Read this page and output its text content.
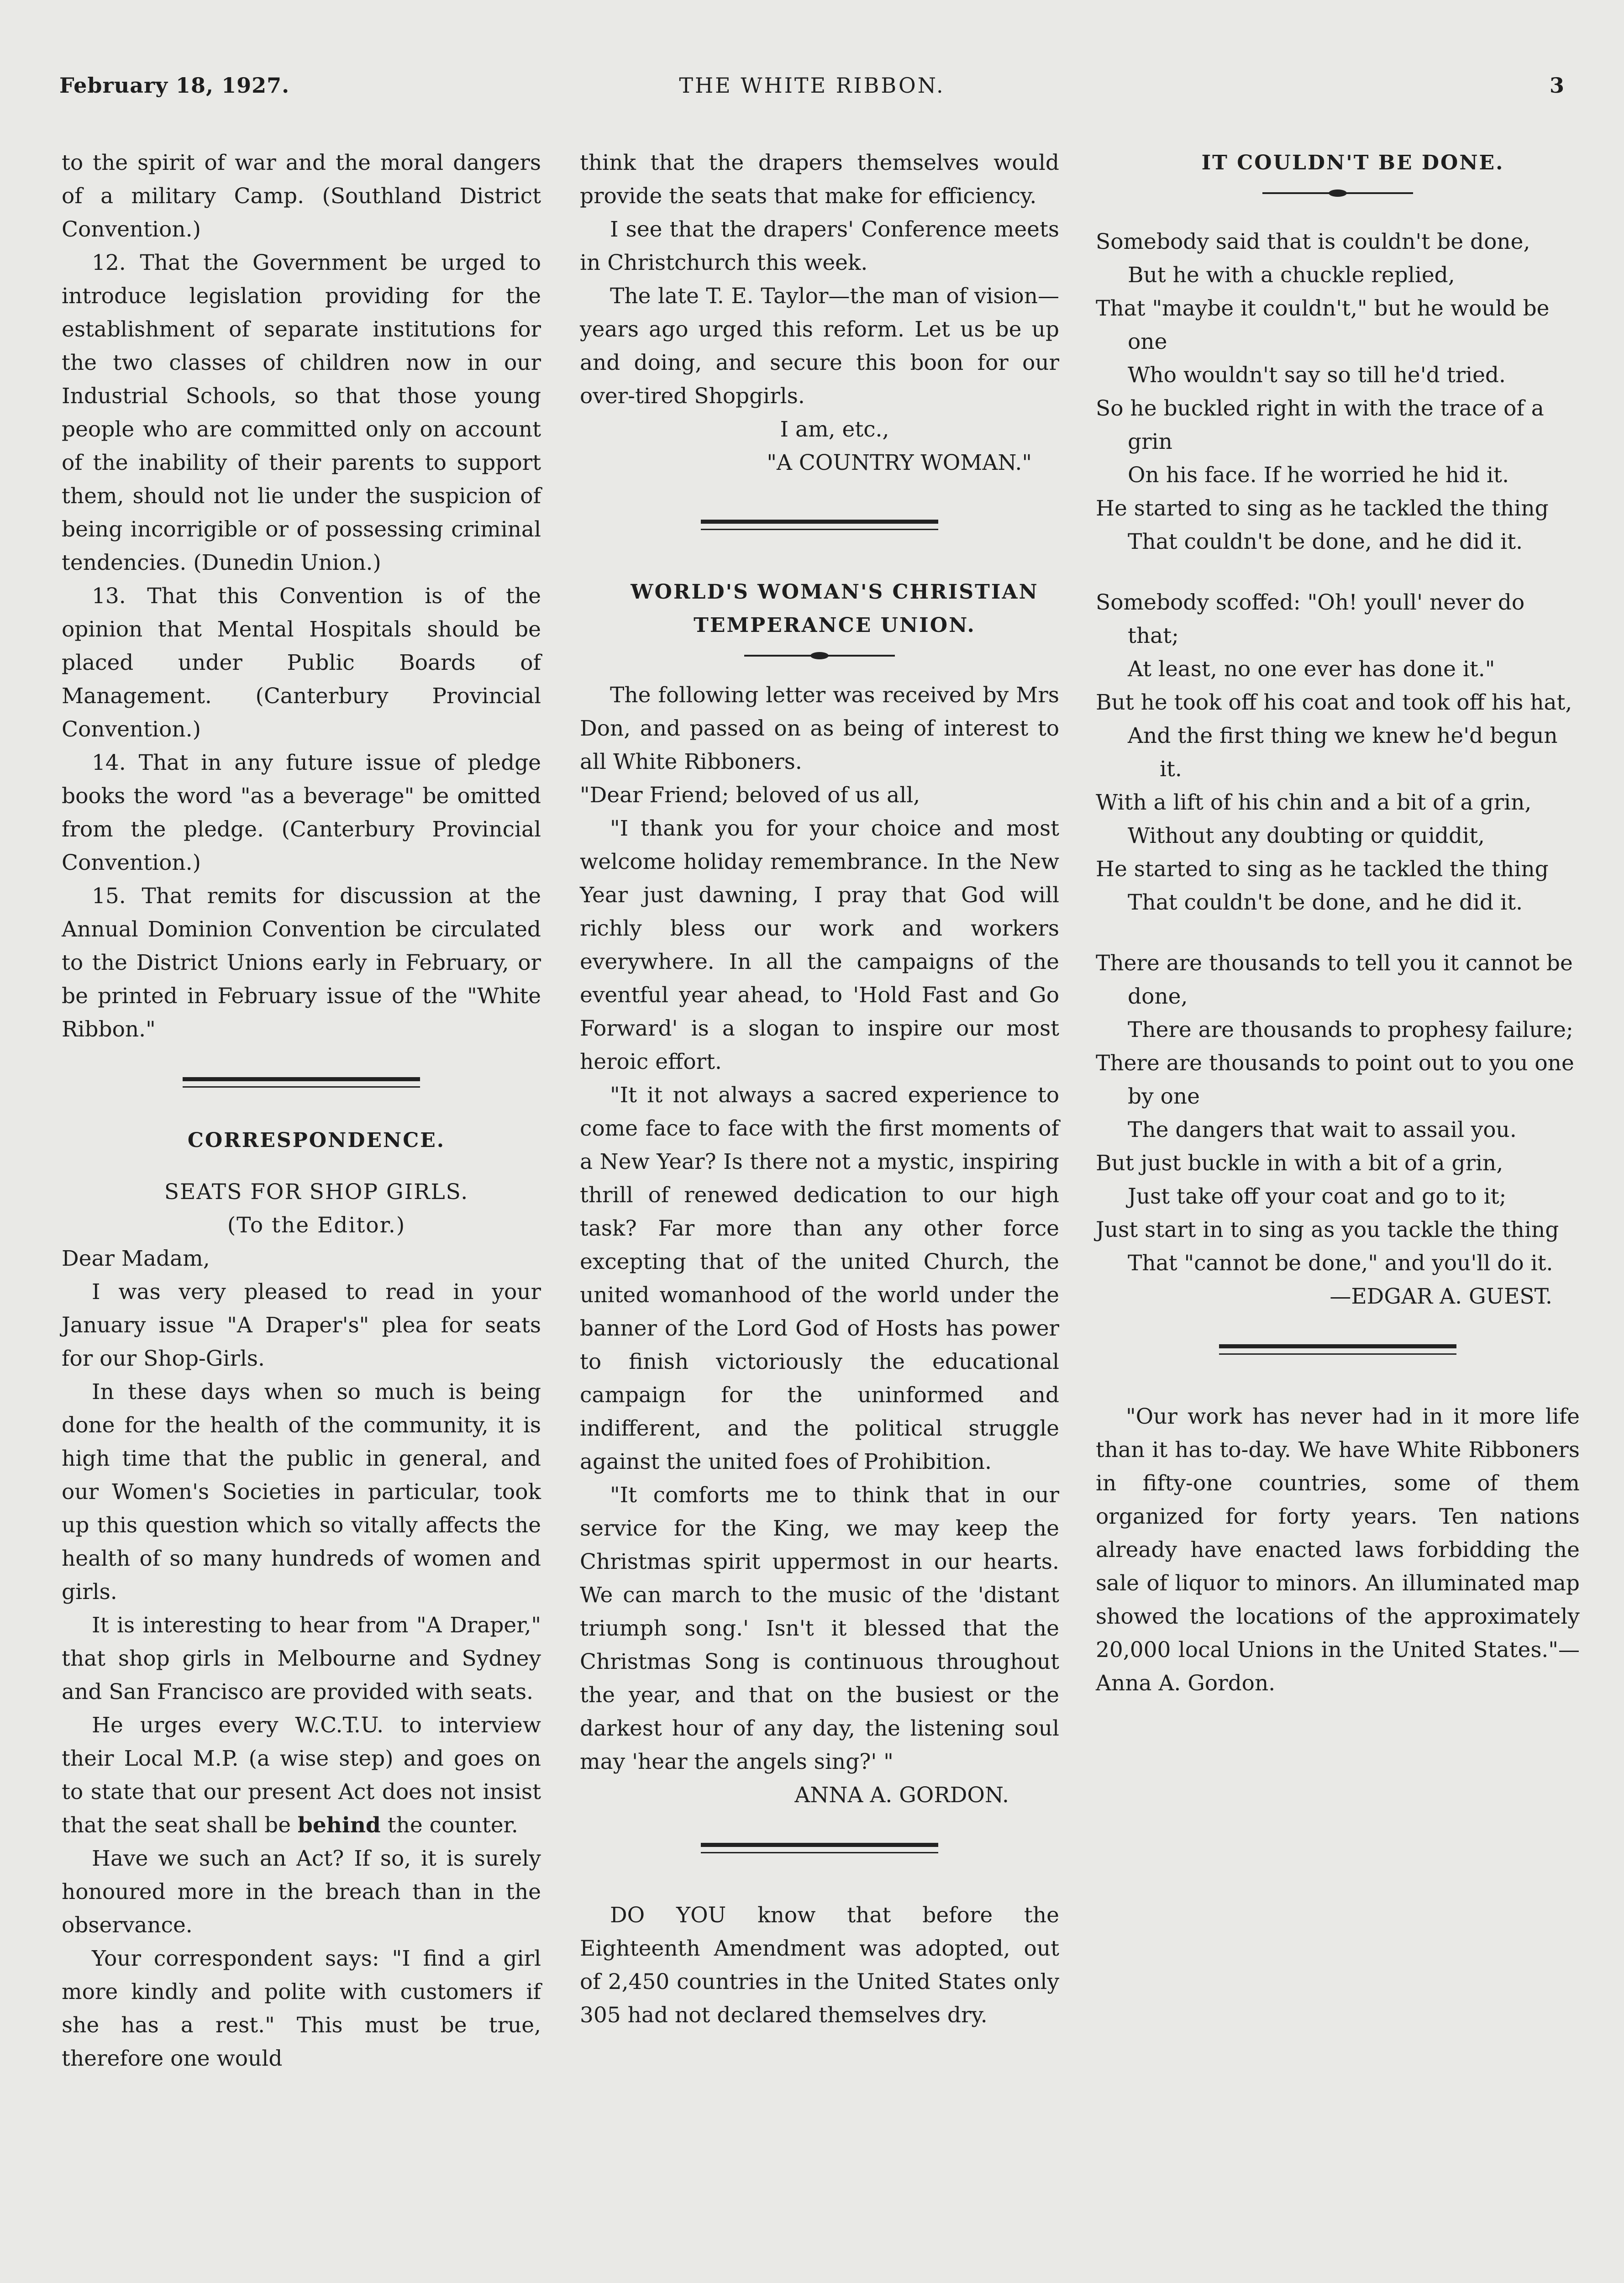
February 18, 1927.	THE WHITE RIBBON.	3

to the spirit of war and the moral dangers of a military Camp. (Southland District Convention.)

12. That the Government be urged to introduce legislation providing for the establishment of separate institutions for the two classes of children now in our Industrial Schools, so that those young people who are committed only on account of the inability of their parents to support them, should not lie under the suspicion of being incorrigible or of possessing criminal tendencies. (Dunedin Union.)

13. That this Convention is of the opinion that Mental Hospitals should be placed under Public Boards of Management. (Canterbury Provincial Convention.)

14. That in any future issue of pledge books the word "as a beverage" be omitted from the pledge. (Canterbury Provincial Convention.)

15. That remits for discussion at the Annual Dominion Convention be circulated to the District Unions early in February, or be printed in February issue of the "White Ribbon."

CORRESPONDENCE.

SEATS FOR SHOP GIRLS.

(To the Editor.)

Dear Madam,

I was very pleased to read in your January issue "A Draper's" plea for seats for our Shop-Girls.

In these days when so much is being done for the health of the community, it is high time that the public in general, and our Women's Societies in particular, took up this question which so vitally affects the health of so many hundreds of women and girls.

It is interesting to hear from "A Draper," that shop girls in Melbourne and Sydney and San Francisco are provided with seats.

He urges every W.C.T.U. to interview their Local M.P. (a wise step) and goes on to state that our present Act does not insist that the seat shall be behind the counter.

Have we such an Act? If so, it is surely honoured more in the breach than in the observance.

Your correspondent says: "I find a girl more kindly and polite with customers if she has a rest." This must be true, therefore one would

think that the drapers themselves would provide the seats that make for efficiency.

I see that the drapers' Conference meets in Christchurch this week.

The late T. E. Taylor—the man of vision—years ago urged this reform. Let us be up and doing, and secure this boon for our over-tired Shopgirls.

I am, etc.,

"A COUNTRY WOMAN."

WORLD'S WOMAN'S CHRISTIAN

TEMPERANCE UNION.

The following letter was received by Mrs Don, and passed on as being of interest to all White Ribboners.

"Dear Friend; beloved of us all,

"I thank you for your choice and most welcome holiday remembrance. In the New Year just dawning, I pray that God will richly bless our work and workers everywhere. In all the campaigns of the eventful year ahead, to 'Hold Fast and Go Forward' is a slogan to inspire our most heroic effort.

"It it not always a sacred experience to come face to face with the first moments of a New Year? Is there not a mystic, inspiring thrill of renewed dedication to our high task? Far more than any other force excepting that of the united Church, the united womanhood of the world under the banner of the Lord God of Hosts has power to finish victoriously the educational campaign for the uninformed and indifferent, and the political struggle against the united foes of Prohibition.

"It comforts me to think that in our service for the King, we may keep the Christmas spirit uppermost in our hearts. We can march to the music of the 'distant triumph song.' Isn't it blessed that the Christmas Song is continuous throughout the year, and that on the busiest or the darkest hour of any day, the listening soul may 'hear the angels sing?' "

ANNA A. GORDON.

DO YOU know that before the Eighteenth Amendment was adopted, out of 2,450 countries in the United States only 305 had not declared themselves dry.

IT COULDN'T BE DONE.

Somebody said that is couldn't be done,
But he with a chuckle replied,
That "maybe it couldn't," but he would be one
Who wouldn't say so till he'd tried.
So he buckled right in with the trace of a grin
On his face. If he worried he hid it.
He started to sing as he tackled the thing
That couldn't be done, and he did it.
Somebody scoffed: "Oh! youll' never do that;
At least, no one ever has done it."
But he took off his coat and took off his hat,
And the first thing we knew he'd begun it.
With a lift of his chin and a bit of a grin,
Without any doubting or quiddit,
He started to sing as he tackled the thing
That couldn't be done, and he did it.
There are thousands to tell you it cannot be done,
There are thousands to prophesy failure;
There are thousands to point out to you one by one
The dangers that wait to assail you.
But just buckle in with a bit of a grin,
Just take off your coat and go to it;
Just start in to sing as you tackle the thing
That "cannot be done," and you'll do it.

—EDGAR A. GUEST.

"Our work has never had in it more life than it has to-day. We have White Ribboners in fifty-one countries, some of them organized for forty years. Ten nations already have enacted laws forbidding the sale of liquor to minors. An illuminated map showed the locations of the approximately 20,000 local Unions in the United States."—Anna A. Gordon.
